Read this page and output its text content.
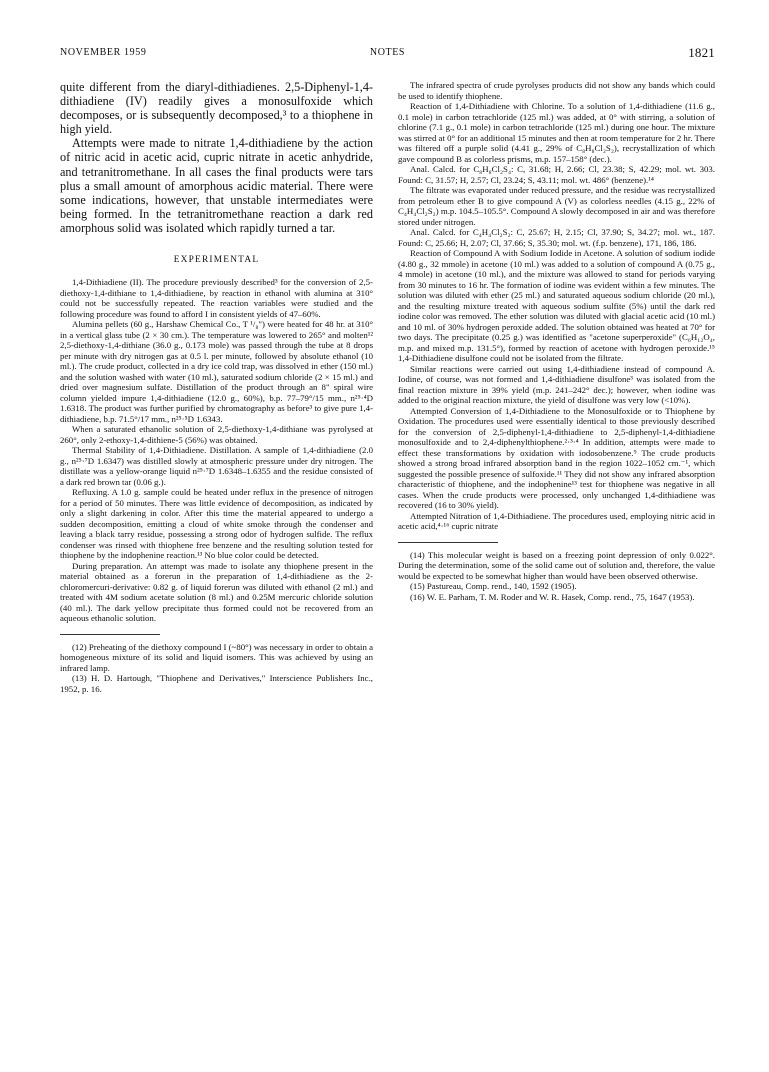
NOVEMBER 1959	NOTES	1821

quite different from the diaryl-dithiadienes. 2,5-Diphenyl-1,4-dithiadiene (IV) readily gives a monosulfoxide which decomposes, or is subsequently decomposed,³ to a thiophene in high yield.

Attempts were made to nitrate 1,4-dithiadiene by the action of nitric acid in acetic acid, cupric nitrate in acetic anhydride, and tetranitromethane. In all cases the final products were tars plus a small amount of amorphous acidic material. There were some indications, however, that unstable intermediates were being formed. In the tetranitromethane reaction a dark red amorphous solid was isolated which rapidly turned a tar.

EXPERIMENTAL

1,4-Dithiadiene (II). The procedure previously described³ for the conversion of 2,5-diethoxy-1,4-dithiane to 1,4-dithiadiene, by reaction in ethanol with alumina at 310° could not be successfully repeated. The reaction variables were studied and the following procedure was found to afford I in consistent yields of 47–60%.

Alumina pellets (60 g., Harshaw Chemical Co., T ¹/₈") were heated for 48 hr. at 310° in a vertical glass tube (2 × 30 cm.). The temperature was lowered to 265° and molten¹² 2,5-diethoxy-1,4-dithiane (36.0 g., 0.173 mole) was passed through the tube at 8 drops per minute with dry nitrogen gas at 0.5 l. per minute, followed by absolute ethanol (10 ml.). The crude product, collected in a dry ice cold trap, was dissolved in ether (150 ml.) and the solution washed with water (10 ml.), saturated sodium chloride (2 × 15 ml.) and dried over magnesium sulfate. Distillation of the product through an 8" spiral wire column yielded impure 1,4-dithiadiene (12.0 g., 60%), b.p. 77–79°/15 mm., n²⁵·⁴D 1.6318. The product was further purified by chromatography as before³ to give pure 1,4-dithiadiene, b.p. 71.5°/17 mm., n²⁵·⁵D 1.6343.

When a saturated ethanolic solution of 2,5-diethoxy-1,4-dithiane was pyrolysed at 260°, only 2-ethoxy-1,4-dithiene-5 (56%) was obtained.

Thermal Stability of 1,4-Dithiadiene. Distillation. A sample of 1,4-dithiadiene (2.0 g., n²⁵·⁷D 1.6347) was distilled slowly at atmospheric pressure under dry nitrogen. The distillate was a yellow-orange liquid n²⁵·⁷D 1.6348–1.6355 and the residue consisted of a dark red brown tar (0.06 g.).

Refluxing. A 1.0 g. sample could be heated under reflux in the presence of nitrogen for a period of 50 minutes. There was little evidence of decomposition, as indicated by only a slight darkening in color. After this time the material appeared to undergo a sudden decomposition, emitting a cloud of white smoke through the condenser and leaving a black tarry residue, possessing a strong odor of hydrogen sulfide. The reflux condenser was rinsed with thiophene free benzene and the resulting solution tested for thiophene by the indophenine reaction.¹³ No blue color could be detected.

During preparation. An attempt was made to isolate any thiophene present in the material obtained as a forerun in the preparation of 1,4-dithiadiene as the 2-chloromercuri-derivative: 0.82 g. of liquid forerun was diluted with ethanol (2 ml.) and treated with 4M sodium acetate solution (8 ml.) and 0.25M mercuric chloride solution (40 ml.). The dark yellow precipitate thus formed could not be recovered from an aqueous ethanolic solution.

(12) Preheating of the diethoxy compound I (~80°) was necessary in order to obtain a homogeneous mixture of its solid and liquid isomers. This was achieved by using an infrared lamp.

(13) H. D. Hartough, "Thiophene and Derivatives," Interscience Publishers Inc., 1952, p. 16.

The infrared spectra of crude pyrolyses products did not show any bands which could be used to identify thiophene.

Reaction of 1,4-Dithiadiene with Chlorine. To a solution of 1,4-dithiadiene (11.6 g., 0.1 mole) in carbon tetrachloride (125 ml.) was added, at 0° with stirring, a solution of chlorine (7.1 g., 0.1 mole) in carbon tetrachloride (125 ml.) during one hour. The mixture was stirred at 0° for an additional 15 minutes and then at room temperature for 2 hr. There was filtered off a purple solid (4.41 g., 29% of C₈H₈Cl₂S₂), recrystallization of which gave compound B as colorless prisms, m.p. 157–158° (dec.).

Anal. Calcd. for C₈H₈Cl₂S₄: C, 31.68; H, 2.66; Cl, 23.38; S, 42.29; mol. wt. 303. Found: C, 31.57; H, 2.57; Cl, 23.24; S, 43.11; mol. wt. 486° (benzene).¹⁴

The filtrate was evaporated under reduced pressure, and the residue was recrystallized from petroleum ether B to give compound A (V) as colorless needles (4.15 g., 22% of C₄H₄Cl₂S₂) m.p. 104.5–105.5°. Compound A slowly decomposed in air and was therefore stored under nitrogen.

Anal. Calcd. for C₄H₄Cl₂S₂: C, 25.67; H, 2.15; Cl, 37.90; S, 34.27; mol. wt., 187. Found: C, 25.66; H, 2.07; Cl, 37.66; S, 35.30; mol. wt. (f.p. benzene), 171, 186, 186.

Reaction of Compound A with Sodium Iodide in Acetone. A solution of sodium iodide (4.80 g., 32 mmole) in acetone (10 ml.) was added to a solution of compound A (0.75 g., 4 mmole) in acetone (10 ml.), and the mixture was allowed to stand for periods varying from 30 minutes to 16 hr. The formation of iodine was evident within a few minutes. The solution was diluted with ether (25 ml.) and saturated aqueous sodium chloride (20 ml.), and the resulting mixture treated with aqueous sodium sulfite (5%) until the dark red iodine color was removed. The ether solution was diluted with glacial acetic acid (10 ml.) and 10 ml. of 30% hydrogen peroxide added. The solution obtained was heated at 70° for two days. The precipitate (0.25 g.) was identified as "acetone superperoxide" (C₆H₁₂O₄, m.p. and mixed m.p. 131.5°), formed by reaction of acetone with hydrogen peroxide.¹⁵ 1,4-Dithiadiene disulfone could not be isolated from the filtrate.

Similar reactions were carried out using 1,4-dithiadiene instead of compound A. Iodine, of course, was not formed and 1,4-dithiadiene disulfone³ was isolated from the final reaction mixture in 39% yield (m.p. 241–242° dec.); however, when iodine was added to the original reaction mixture, the yield of disulfone was very low (<10%).

Attempted Conversion of 1,4-Dithiadiene to the Monosulfoxide or to Thiophene by Oxidation. The procedures used were essentially identical to those previously described for the conversion of 2,5-diphenyl-1,4-dithiadiene to 2,5-diphenyl-1,4-dithiadiene monosulfoxide and to 2,4-diphenylthiophene.²·³·⁴ In addition, attempts were made to effect these transformations by oxidation with iodosobenzene.⁹ The crude products showed a strong broad infrared absorption band in the region 1022–1052 cm.⁻¹, which suggested the possible presence of sulfoxide.¹¹ They did not show any infrared absorption characteristic of thiophene, and the indophenine¹³ test for thiophene was negative in all cases. When the crude products were processed, only unchanged 1,4-dithiadiene was recovered (16 to 30% yield).

Attempted Nitration of 1,4-Dithiadiene. The procedures used, employing nitric acid in acetic acid,⁴·¹⁶ cupric nitrate

(14) This molecular weight is based on a freezing point depression of only 0.022°. During the determination, some of the solid came out of solution and, therefore, the value would be expected to be somewhat higher than would have been observed otherwise.

(15) Pastureau, Comp. rend., 140, 1592 (1905).

(16) W. E. Parham, T. M. Roder and W. R. Hasek, Comp. rend., 75, 1647 (1953).
